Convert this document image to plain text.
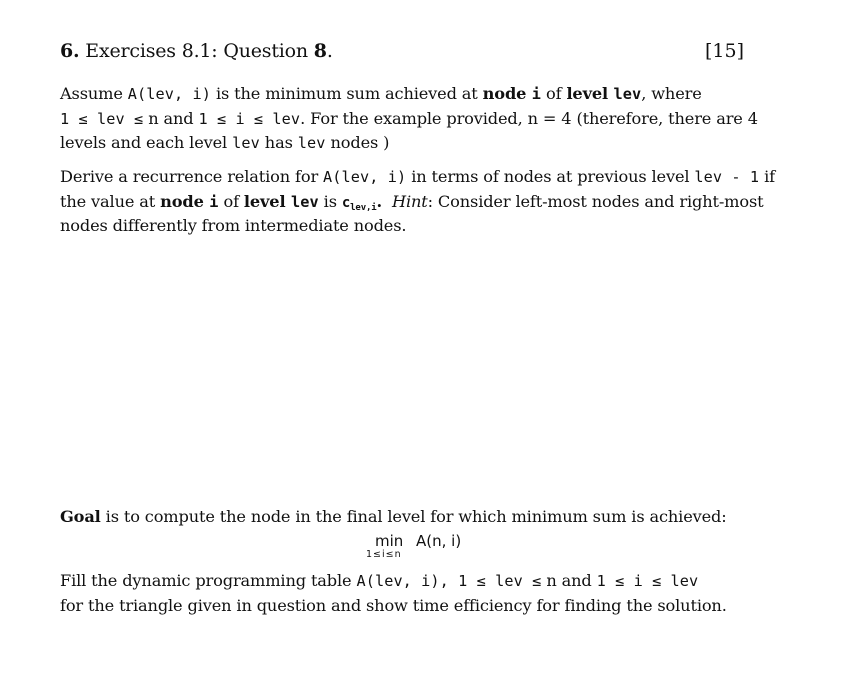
6. Exercises 8.1: Question 8.	[15]
Assume A(lev, i) is the minimum sum achieved at node i of level lev, where
1 ≤ lev ≤ n and 1 ≤ i ≤ lev. For the example provided, n = 4 (therefore, there are 4
levels and each level lev has lev nodes )
Derive a recurrence relation for A(lev, i) in terms of nodes at previous level lev - 1 if
the value at node i of level lev is $c_{lev,i}$. Hint: Consider left-most nodes and right-most
nodes differently from intermediate nodes.
Goal is to compute the node in the final level for which minimum sum is achieved:
min
1≤i≤n
A(n, i)
Fill the dynamic programming table A(lev, i), 1 ≤ lev ≤ n and 1 ≤ i ≤ lev
for the triangle given in question and show time efficiency for finding the solution.
